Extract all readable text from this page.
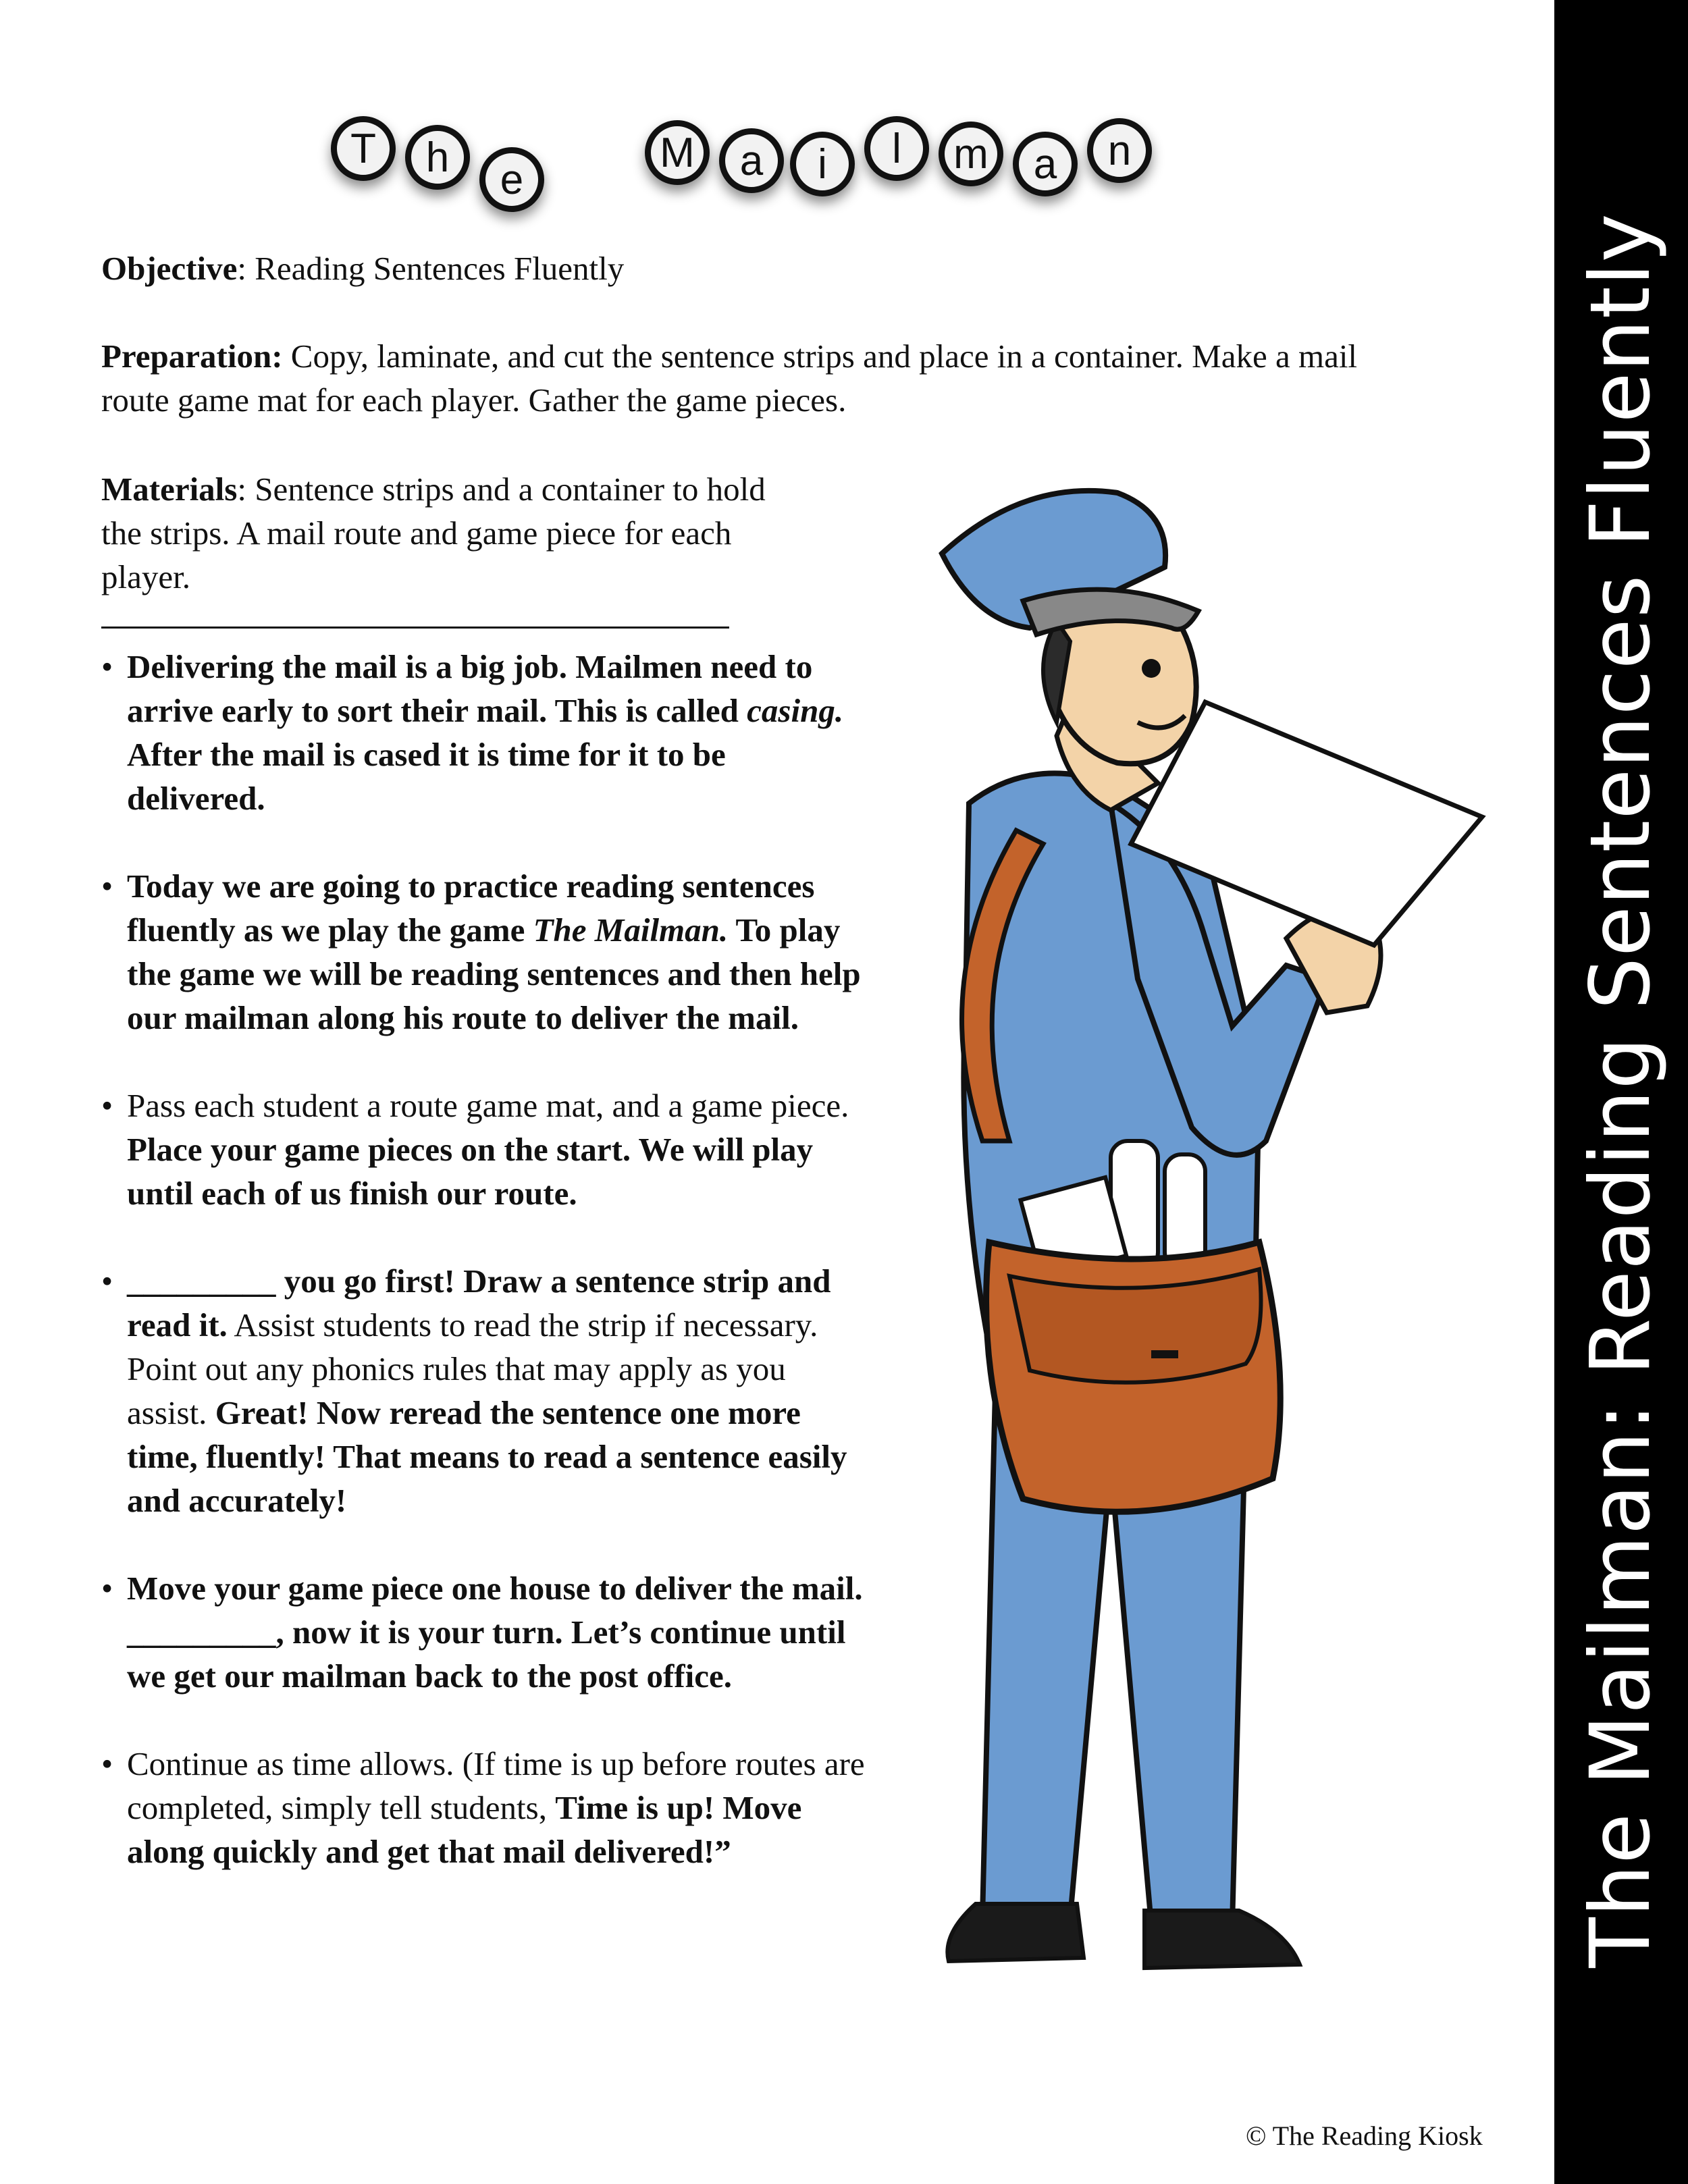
T	h	e
M	a	i	l	m	a	n
Objective: Reading Sentences Fluently
Preparation: Copy, laminate, and cut the sentence strips and place in a container. Make a mail
route game mat for each player. Gather the game pieces.
Materials: Sentence strips and a container to hold
the strips. A mail route and game piece for each
player.
• Delivering the mail is a big job. Mailmen need to arrive early to sort their mail. This is called casing. After the mail is cased it is time for it to be delivered.
• Today we are going to practice reading sentences fluently as we play the game The Mailman. To play the game we will be reading sentences and then help our mailman along his route to deliver the mail.
• Pass each student a route game mat, and a game piece. Place your game pieces on the start. We will play until each of us finish our route.
• _________ you go first! Draw a sentence strip and read it. Assist students to read the strip if necessary. Point out any phonics rules that may apply as you assist. Great! Now reread the sentence one more time, fluently! That means to read a sentence easily and accurately!
• Move your game piece one house to deliver the mail. _________, now it is your turn. Let’s continue until we get our mailman back to the post office.
• Continue as time allows. (If time is up before routes are completed, simply tell students, Time is up! Move along quickly and get that mail delivered!”	The Mailman: Reading Sentences Fluently
© The Reading Kiosk
